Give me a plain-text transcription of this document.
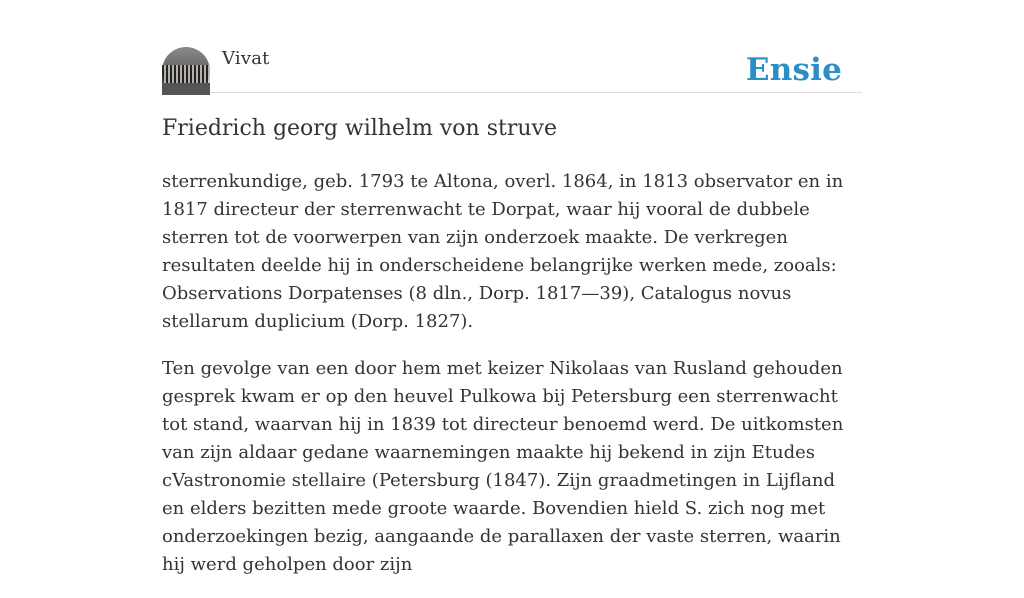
Vivat	Ensie
Friedrich georg wilhelm von struve

sterrenkundige, geb. 1793 te Altona, overl. 1864, in 1813 observator en in 1817 directeur der sterrenwacht te Dorpat, waar hij vooral de dubbele sterren tot de voorwerpen van zijn onderzoek maakte. De verkregen resultaten deelde hij in onderscheidene belangrijke werken mede, zooals: Observations Dorpatenses (8 dln., Dorp. 1817—39), Catalogus novus stellarum duplicium (Dorp. 1827).

Ten gevolge van een door hem met keizer Nikolaas van Rusland gehouden gesprek kwam er op den heuvel Pulkowa bij Petersburg een sterrenwacht tot stand, waarvan hij in 1839 tot directeur benoemd werd. De uitkomsten van zijn aldaar gedane waarnemingen maakte hij bekend in zijn Etudes cVastronomie stellaire (Petersburg (1847). Zijn graadmetingen in Lijfland en elders bezitten mede groote waarde. Bovendien hield S. zich nog met onderzoekingen bezig, aangaande de parallaxen der vaste sterren, waarin hij werd geholpen door zijn
